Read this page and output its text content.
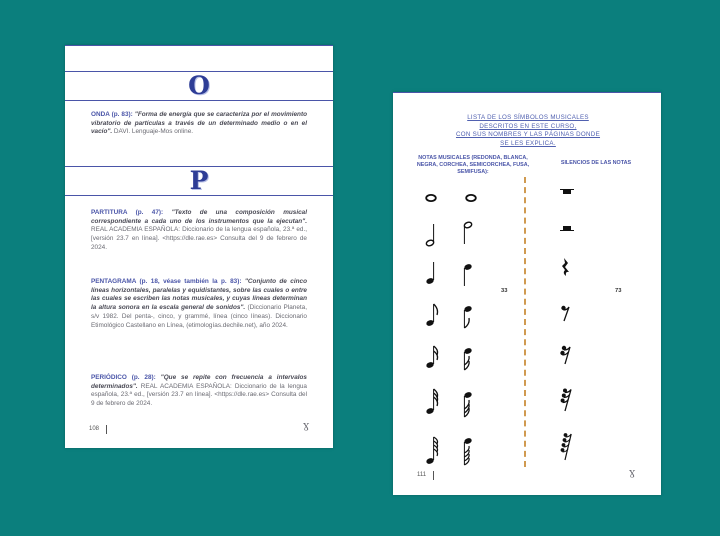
O

ONDA (p. 83): "Forma de energía que se caracteriza por el movimiento vibratorio de partículas a través de un determinado medio o en el vacío". DAVI. Lenguaje-Mos online.

P

PARTITURA (p. 47): "Texto de una composición musical correspondiente a cada uno de los instrumentos que la ejecutan". REAL ACADEMIA ESPAÑOLA: Diccionario de la lengua española, 23.ª ed., [versión 23.7 en línea]. <https://dle.rae.es> Consulta del 9 de febrero de 2024.

PENTAGRAMA (p. 18, véase también la p. 83): "Conjunto de cinco líneas horizontales, paralelas y equidistantes, sobre las cuales o entre las cuales se escriben las notas musicales, y cuyas líneas determinan la altura sonora en la escala general de sonidos". (Diccionario Planeta, s/v 1982. Del penta-, cinco, y grammé, línea (cinco líneas). Diccionario Etimológico Castellano en Línea, (etimologías.dechile.net), año 2024.

PERIÓDICO (p. 28): "Que se repite con frecuencia a intervalos determinados". REAL ACADEMIA ESPAÑOLA: Diccionario de la lengua española, 23.ª ed., [versión 23.7 en línea]. <https://dle.rae.es> Consulta del 9 de febrero de 2024.

108	Ɣ
LISTA DE LOS SÍMBOLOS MUSICALES
DESCRITOS EN ESTE CURSO,
CON SUS NOMBRES Y LAS PÁGINAS DONDE
SE LES EXPLICA.
NOTAS MUSICALES (REDONDA, BLANCA, NEGRA, CORCHEA, SEMICORCHEA, FUSA, SEMIFUSA):
SILENCIOS DE LAS NOTAS
33	73
111	Ɣ
